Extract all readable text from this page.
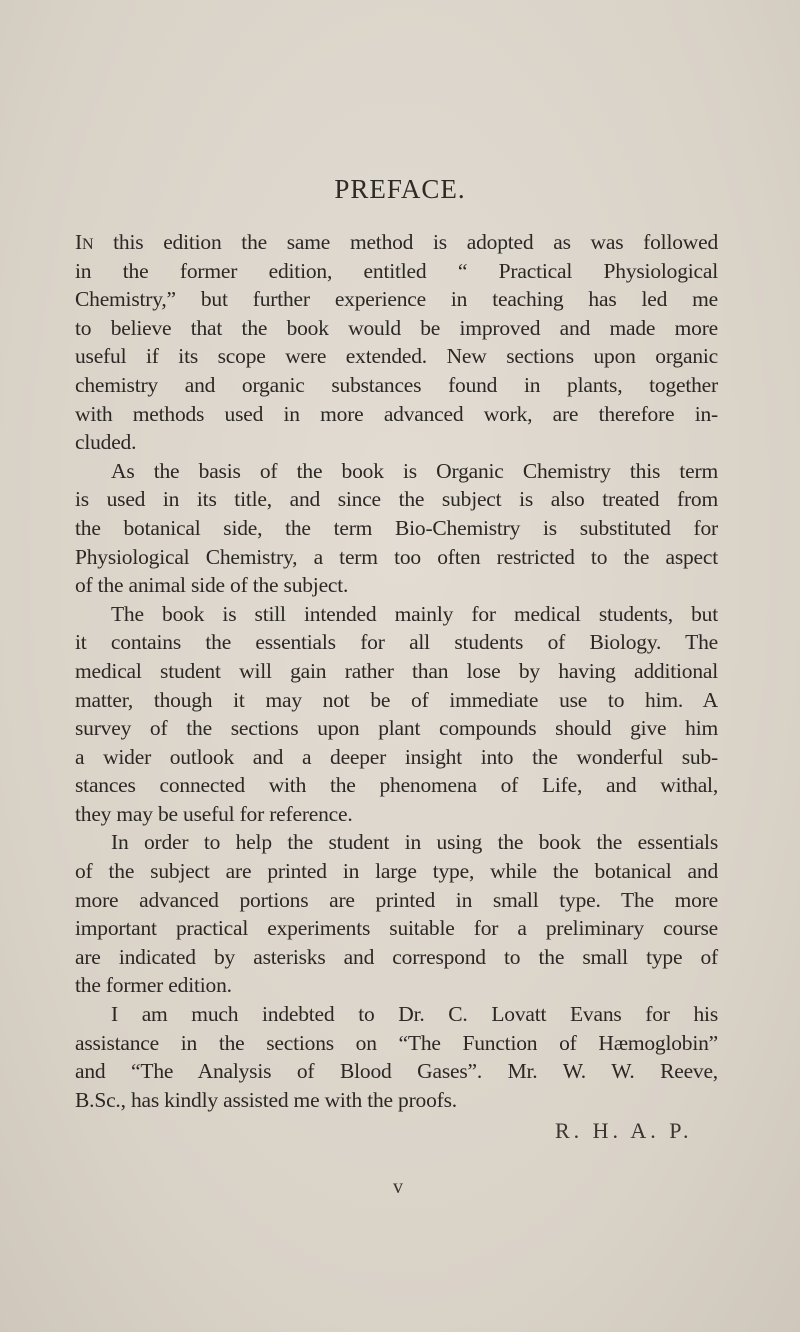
PREFACE.
IN this edition the same method is adopted as was followed
in the former edition, entitled “ Practical Physiological
Chemistry,” but further experience in teaching has led me
to believe that the book would be improved and made more
useful if its scope were extended. New sections upon organic
chemistry and organic substances found in plants, together
with methods used in more advanced work, are therefore in-
cluded.
As the basis of the book is Organic Chemistry this term
is used in its title, and since the subject is also treated from
the botanical side, the term Bio-Chemistry is substituted for
Physiological Chemistry, a term too often restricted to the aspect
of the animal side of the subject.
The book is still intended mainly for medical students, but
it contains the essentials for all students of Biology. The
medical student will gain rather than lose by having additional
matter, though it may not be of immediate use to him. A
survey of the sections upon plant compounds should give him
a wider outlook and a deeper insight into the wonderful sub-
stances connected with the phenomena of Life, and withal,
they may be useful for reference.
In order to help the student in using the book the essentials
of the subject are printed in large type, while the botanical and
more advanced portions are printed in small type. The more
important practical experiments suitable for a preliminary course
are indicated by asterisks and correspond to the small type of
the former edition.
I am much indebted to Dr. C. Lovatt Evans for his
assistance in the sections on “The Function of Hæmoglobin”
and “The Analysis of Blood Gases”. Mr. W. W. Reeve,
B.Sc., has kindly assisted me with the proofs.
R. H. A. P.
v
